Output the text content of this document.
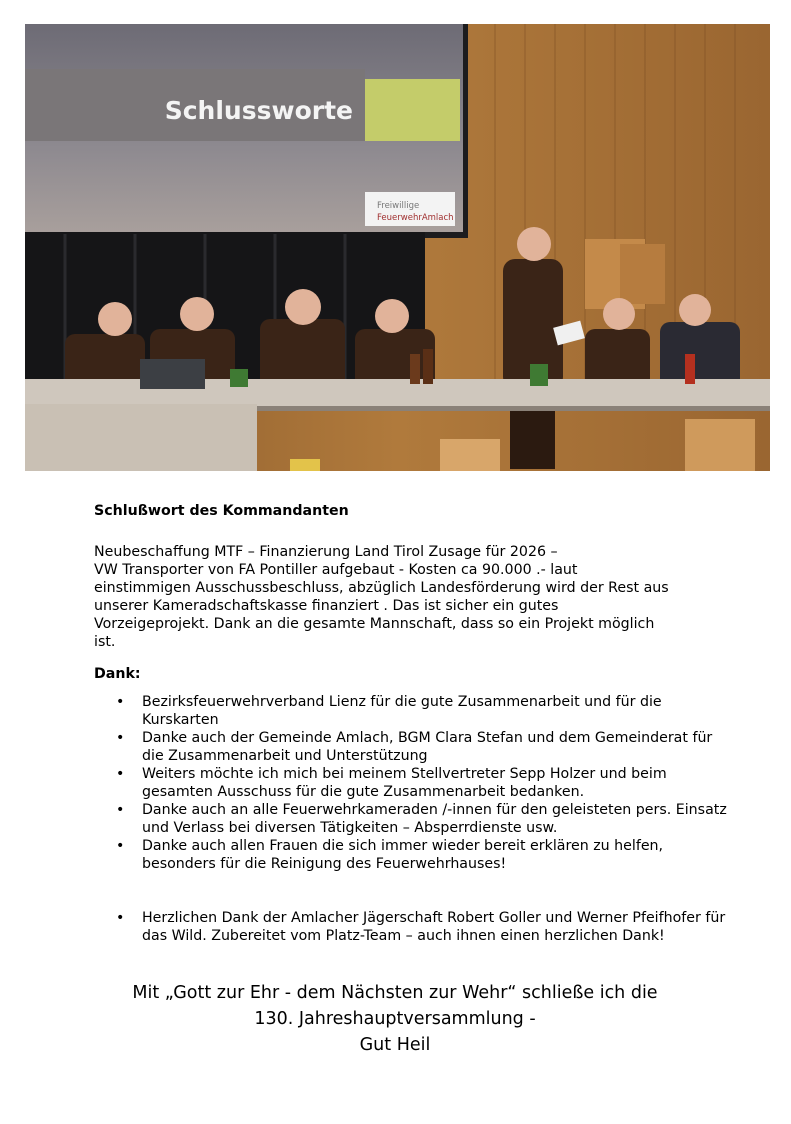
Schlussworte
Freiwillige
FeuerwehrAmlach
Schlußwort des Kommandanten

Neubeschaffung MTF – Finanzierung Land Tirol Zusage für 2026 –

VW Transporter von FA Pontiller aufgebaut - Kosten ca 90.000 .- laut

einstimmigen Ausschussbeschluss, abzüglich Landesförderung wird der Rest aus

unserer Kameradschaftskasse finanziert . Das ist sicher ein gutes

Vorzeigeprojekt. Dank an die gesamte Mannschaft, dass so ein Projekt möglich

ist.

Dank:
• Bezirksfeuerwehrverband Lienz für die gute Zusammenarbeit und für die Kurskarten
• Danke auch der Gemeinde Amlach, BGM Clara Stefan und dem Gemeinderat für die Zusammenarbeit und Unterstützung
• Weiters möchte ich mich bei meinem Stellvertreter Sepp Holzer und beim gesamten Ausschuss für die gute Zusammenarbeit bedanken.
• Danke auch an alle Feuerwehrkameraden /-innen für den geleisteten pers. Einsatz und Verlass bei diversen Tätigkeiten – Absperrdienste usw.
• Danke auch allen Frauen die sich immer wieder bereit erklären zu helfen, besonders für die Reinigung des Feuerwehrhauses!
• Herzlichen Dank der Amlacher Jägerschaft Robert Goller und Werner Pfeifhofer für das Wild. Zubereitet vom Platz-Team – auch ihnen einen herzlichen Dank!
Mit „Gott zur Ehr - dem Nächsten zur Wehr“ schließe ich die
130. Jahreshauptversammlung -
Gut Heil
